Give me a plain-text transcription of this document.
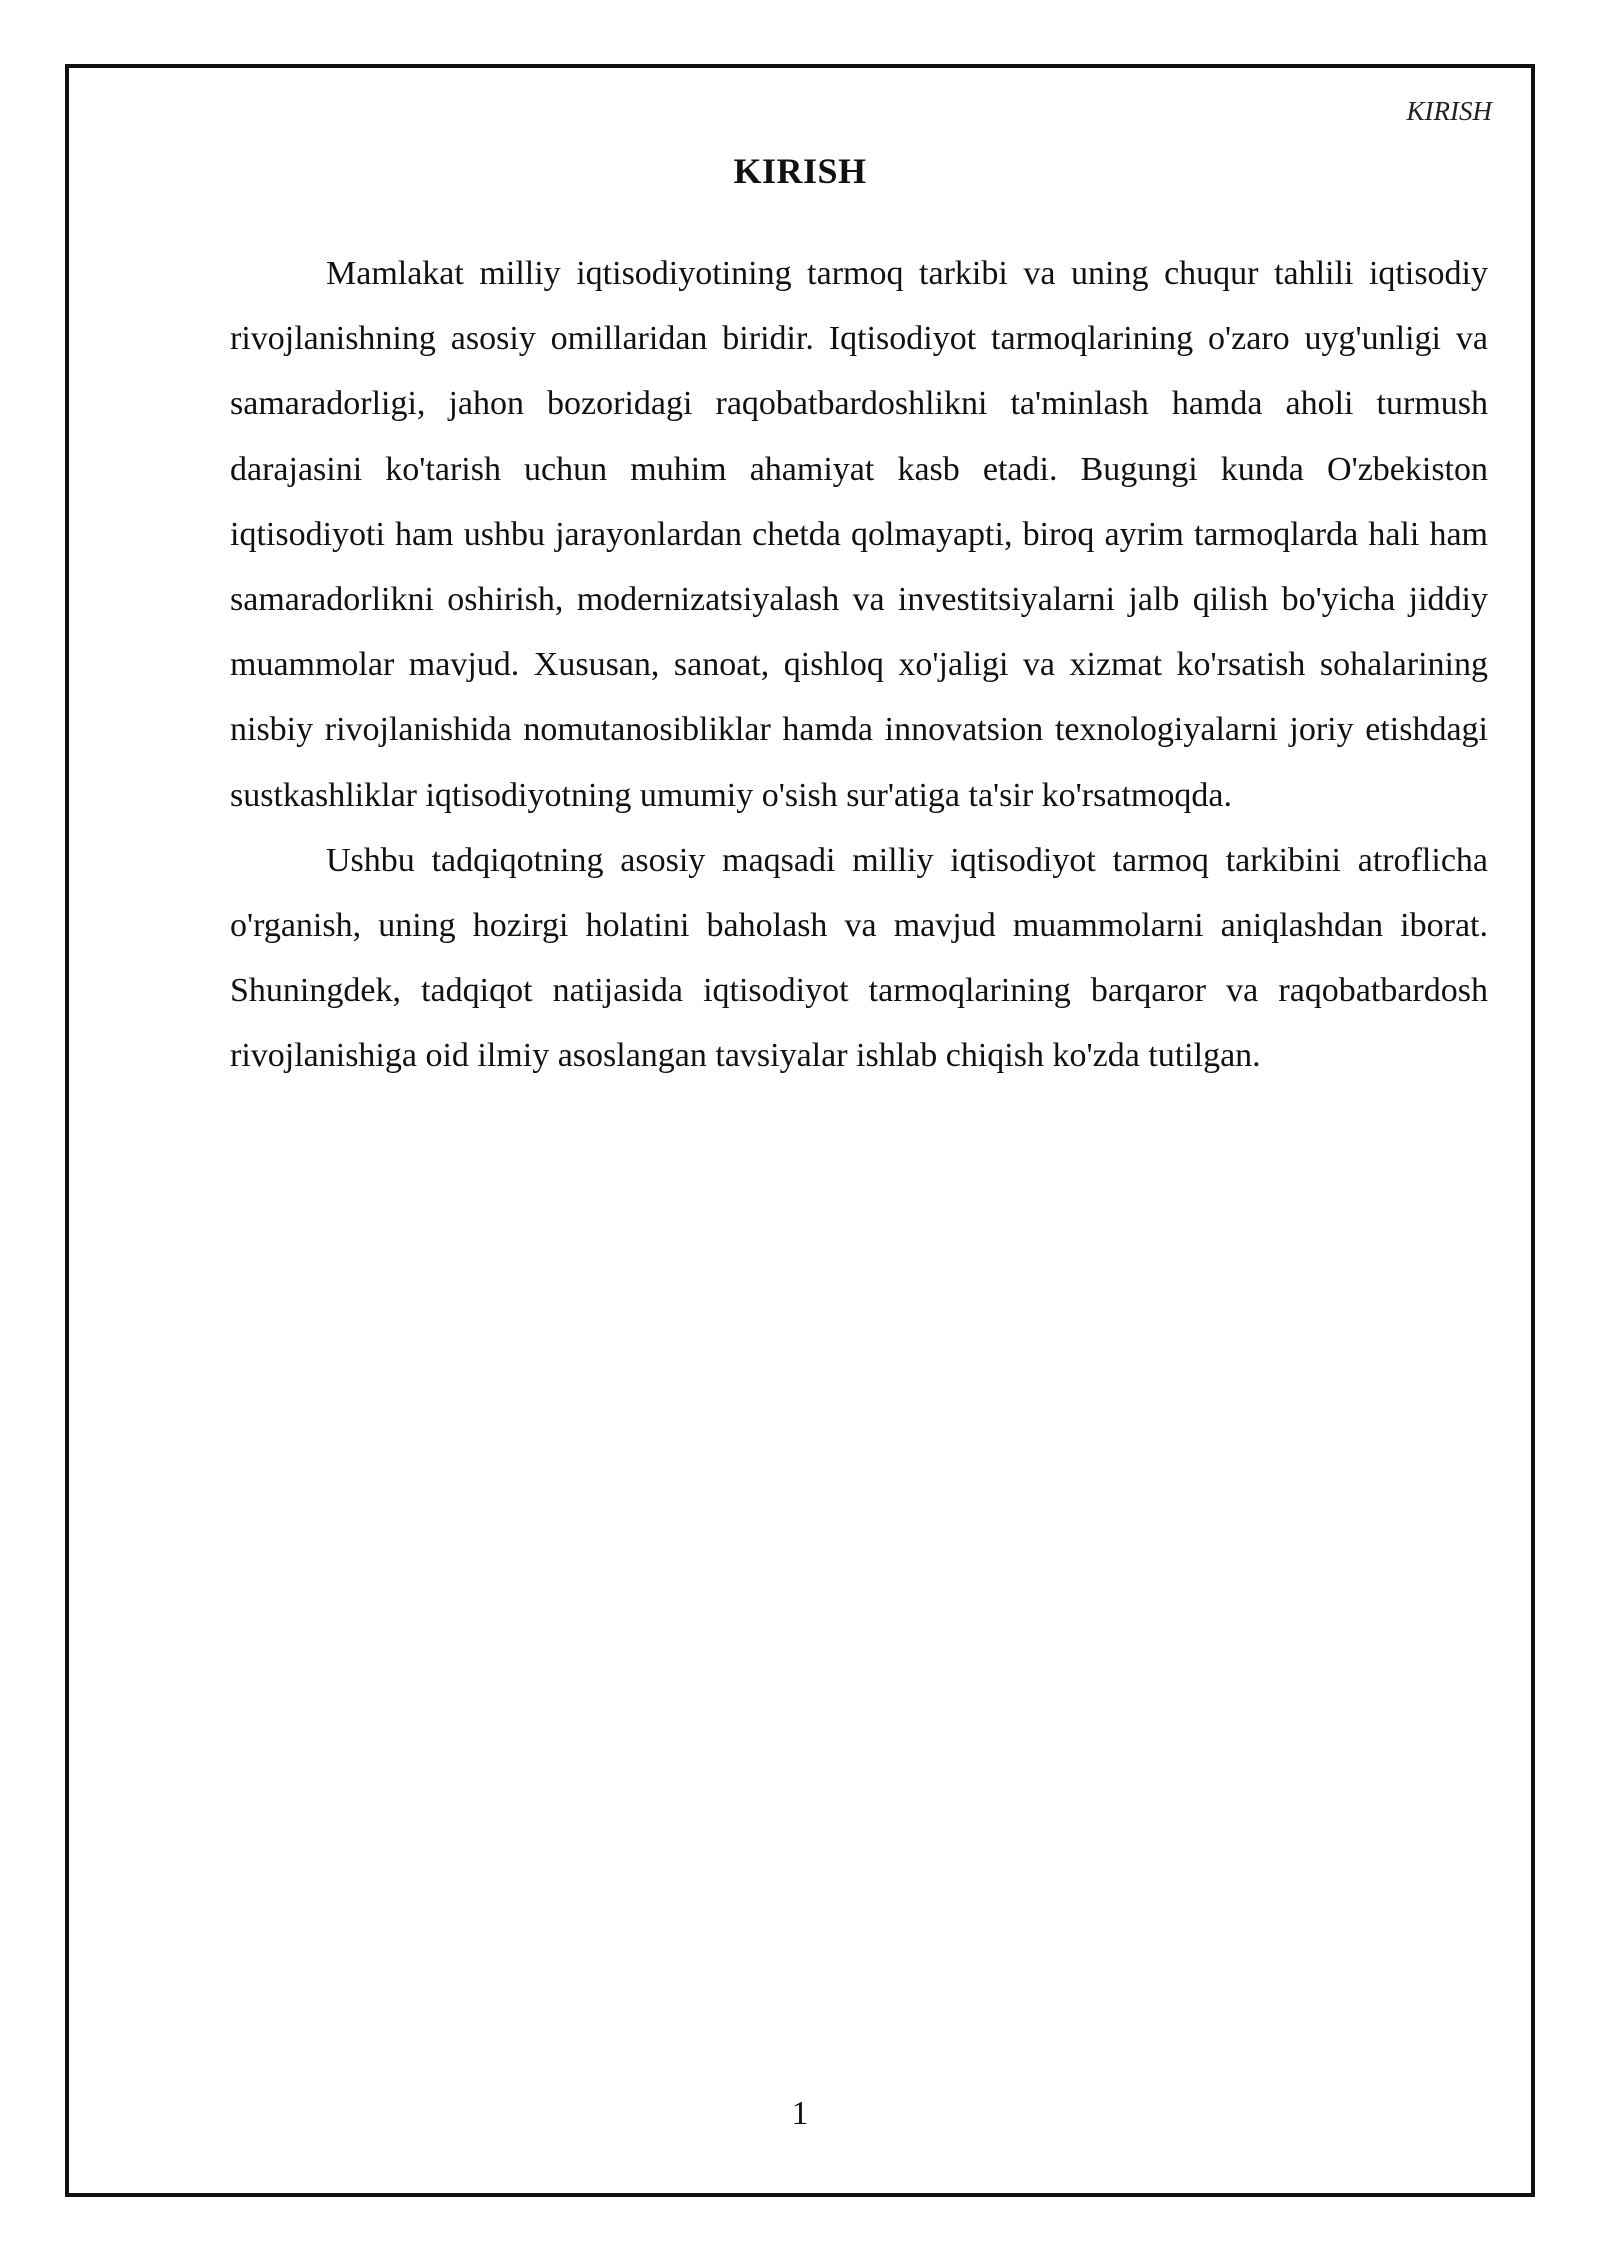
KIRISH
KIRISH

Mamlakat milliy iqtisodiyotining tarmoq tarkibi va uning chuqur tahlili iqtisodiy rivojlanishning asosiy omillaridan biridir. Iqtisodiyot tarmoqlarining o'zaro uyg'unligi va samaradorligi, jahon bozoridagi raqobatbardoshlikni ta'minlash hamda aholi turmush darajasini ko'tarish uchun muhim ahamiyat kasb etadi. Bugungi kunda O'zbekiston iqtisodiyoti ham ushbu jarayonlardan chetda qolmayapti, biroq ayrim tarmoqlarda hali ham samaradorlikni oshirish, modernizatsiyalash va investitsiyalarni jalb qilish bo'yicha jiddiy muammolar mavjud. Xususan, sanoat, qishloq xo'jaligi va xizmat ko'rsatish sohalarining nisbiy rivojlanishida nomutanosibliklar hamda innovatsion texnologiyalarni joriy etishdagi sustkashliklar iqtisodiyotning umumiy o'sish sur'atiga ta'sir ko'rsatmoqda.

Ushbu tadqiqotning asosiy maqsadi milliy iqtisodiyot tarmoq tarkibini atroflicha o'rganish, uning hozirgi holatini baholash va mavjud muammolarni aniqlashdan iborat. Shuningdek, tadqiqot natijasida iqtisodiyot tarmoqlarining barqaror va raqobatbardosh rivojlanishiga oid ilmiy asoslangan tavsiyalar ishlab chiqish ko'zda tutilgan.

1
